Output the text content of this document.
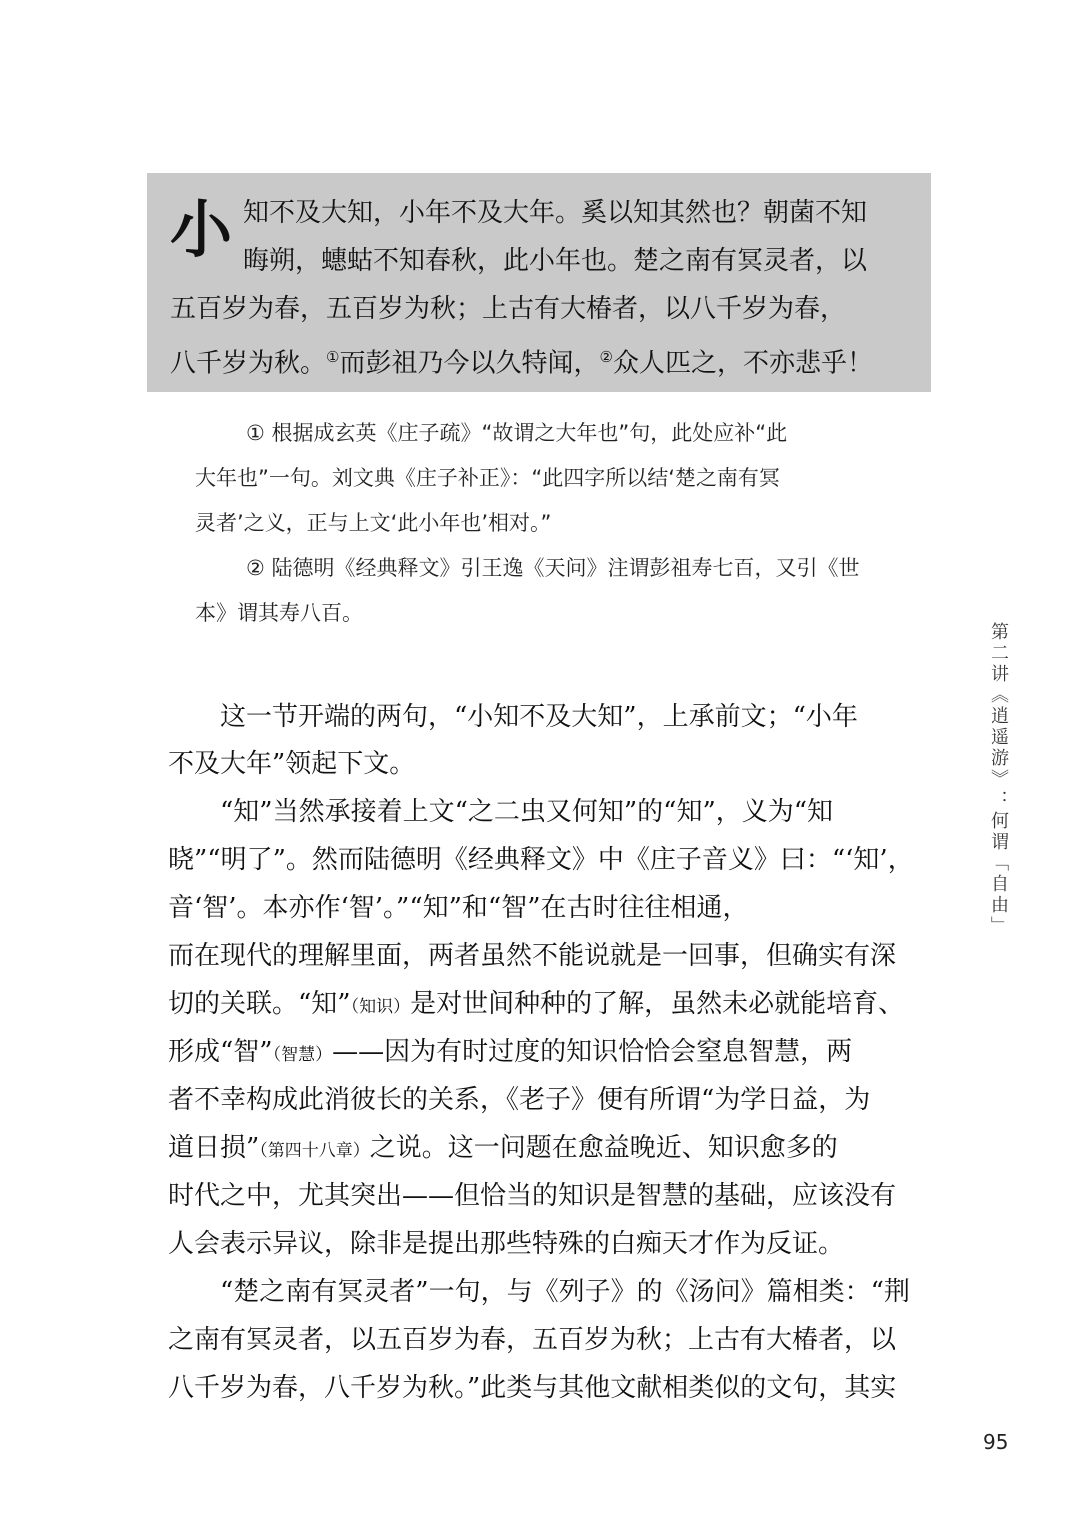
小 知不及大知，小年不及大年。奚以知其然也？朝菌不知
晦朔，蟪蛄不知春秋，此小年也。楚之南有冥灵者，以
五百岁为春，五百岁为秋；上古有大椿者，以八千岁为春，
八千岁为秋。①而彭祖乃今以久特闻，②众人匹之，不亦悲乎！
① 根据成玄英《庄子疏》“故谓之大年也”句，此处应补“此
大年也”一句。刘文典《庄子补正》：“此四字所以结‘楚之南有冥
灵者’之义，正与上文‘此小年也’相对。”
② 陆德明《经典释文》引王逸《天问》注谓彭祖寿七百，又引《世
本》谓其寿八百。
　　这一节开端的两句，“小知不及大知”，上承前文；“小年
不及大年”领起下文。
　　“知”当然承接着上文“之二虫又何知”的“知”，义为“知
晓”“明了”。然而陆德明《经典释文》中《庄子音义》曰：“‘知’，
音‘智’。本亦作‘智’。”“知”和“智”在古时往往相通，
而在现代的理解里面，两者虽然不能说就是一回事，但确实有深
切的关联。“知”（知识）是对世间种种的了解，虽然未必就能培育、
形成“智”（智慧）——因为有时过度的知识恰恰会窒息智慧，两
者不幸构成此消彼长的关系，《老子》便有所谓“为学日益，为
道日损”（第四十八章）之说。这一问题在愈益晚近、知识愈多的
时代之中，尤其突出——但恰当的知识是智慧的基础，应该没有
人会表示异议，除非是提出那些特殊的白痴天才作为反证。
　　“楚之南有冥灵者”一句，与《列子》的《汤问》篇相类：“荆
之南有冥灵者，以五百岁为春，五百岁为秋；上古有大椿者，以
八千岁为春，八千岁为秋。”此类与其他文献相类似的文句，其实
第二讲《逍遥游》：何谓「自由」
95
